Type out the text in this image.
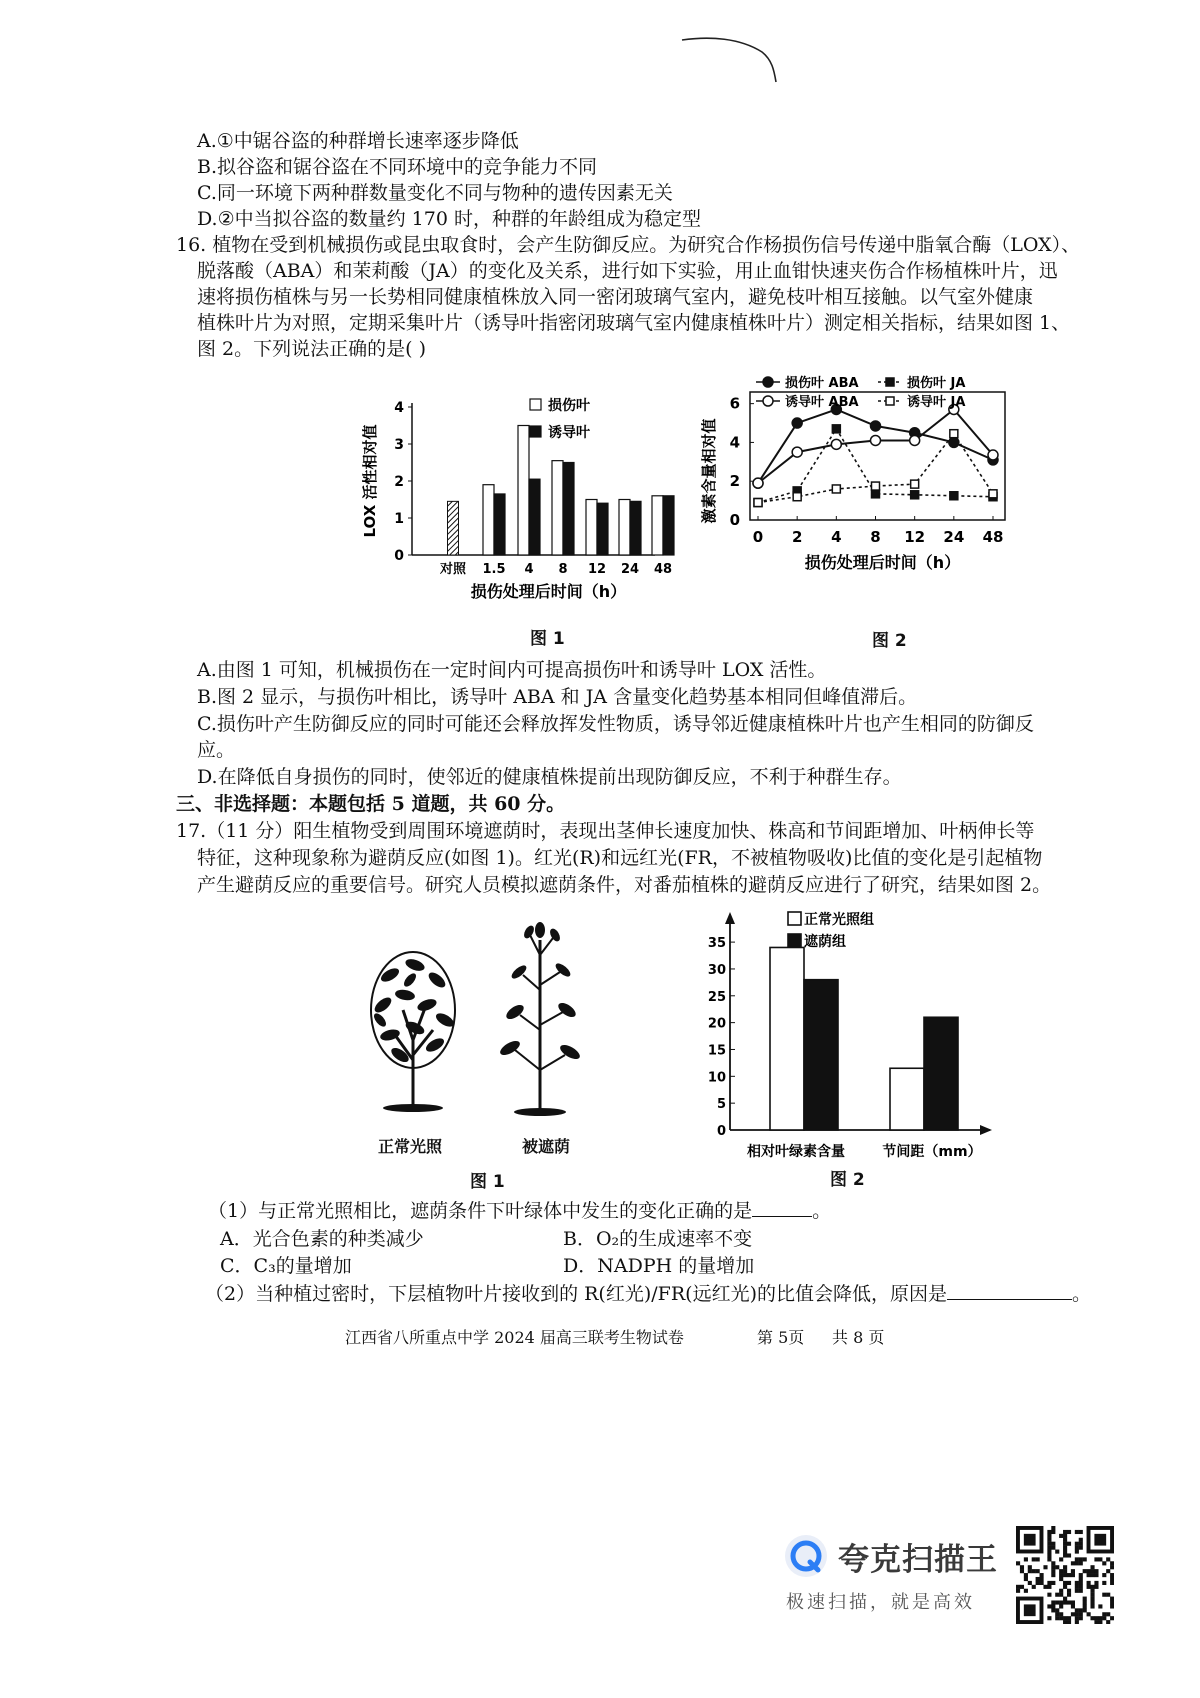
A.①中锯谷盗的种群增长速率逐步降低
B.拟谷盗和锯谷盗在不同环境中的竞争能力不同
C.同一环境下两种群数量变化不同与物种的遗传因素无关
D.②中当拟谷盗的数量约 170 时，种群的年龄组成为稳定型
16. 植物在受到机械损伤或昆虫取食时，会产生防御反应。为研究合作杨损伤信号传递中脂氧合酶（LOX）、
脱落酸（ABA）和茉莉酸（JA）的变化及关系，进行如下实验，用止血钳快速夹伤合作杨植株叶片，迅
速将损伤植株与另一长势相同健康植株放入同一密闭玻璃气室内，避免枝叶相互接触。以气室外健康
植株叶片为对照，定期采集叶片（诱导叶指密闭玻璃气室内健康植株叶片）测定相关指标，结果如图 1、
图 2。下列说法正确的是( )
0
1
2
3
4
LOX 活性相对值
对照 1.5 4 8 12 24 48
损伤处理后时间（h）
损伤叶
诱导叶
图 1
0
2
4
6
激素含量相对值
0 2 4 8 12 24 48
损伤处理后时间（h）
损伤叶 ABA
诱导叶 ABA
损伤叶 JA
诱导叶 JA
图 2
A.由图 1 可知，机械损伤在一定时间内可提高损伤叶和诱导叶 LOX 活性。
B.图 2 显示，与损伤叶相比，诱导叶 ABA 和 JA 含量变化趋势基本相同但峰值滞后。
C.损伤叶产生防御反应的同时可能还会释放挥发性物质，诱导邻近健康植株叶片也产生相同的防御反
应。
D.在降低自身损伤的同时，使邻近的健康植株提前出现防御反应，不利于种群生存。
三、非选择题：本题包括 5 道题，共 60 分。
17.（11 分）阳生植物受到周围环境遮荫时，表现出茎伸长速度加快、株高和节间距增加、叶柄伸长等
特征，这种现象称为避荫反应(如图 1)。红光(R)和远红光(FR，不被植物吸收)比值的变化是引起植物
产生避荫反应的重要信号。研究人员模拟遮荫条件，对番茄植株的避荫反应进行了研究，结果如图 2。
正常光照	被遮荫
图 1
0
5
10
15
20
25
30
35
相对叶绿素含量	节间距（mm）
正常光照组
遮荫组
图 2
（1）与正常光照相比，遮荫条件下叶绿体中发生的变化正确的是	。
A．光合色素的种类减少	B．O₂的生成速率不变
C．C₃的量增加	D．NADPH 的量增加
（2）当种植过密时，下层植物叶片接收到的 R(红光)/FR(远红光)的比值会降低，原因是	。
江西省八所重点中学 2024 届高三联考生物试卷	第 5页 共 8 页
夸克扫描王
极速扫描，就是高效
